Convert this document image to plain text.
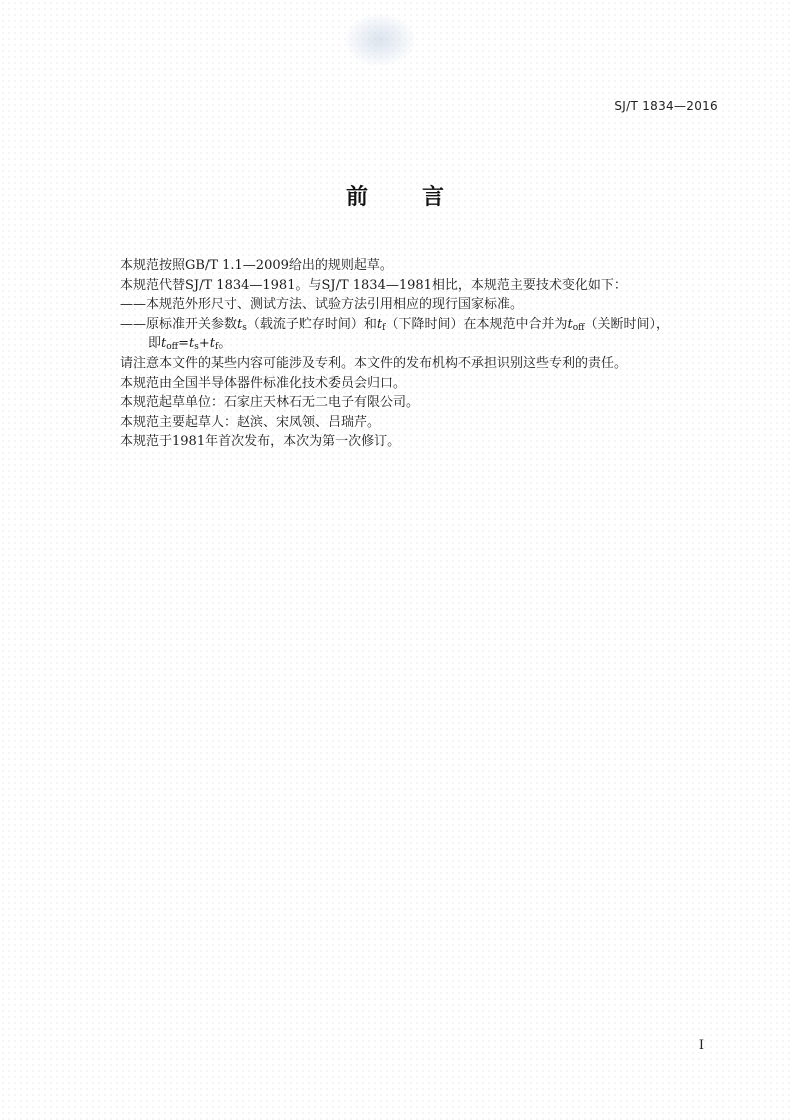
SJ/T 1834—2016
前 言
本规范按照GB/T 1.1—2009给出的规则起草。
本规范代替SJ/T 1834—1981。与SJ/T 1834—1981相比，本规范主要技术变化如下：
——本规范外形尺寸、测试方法、试验方法引用相应的现行国家标准。
——原标准开关参数$t_s$（载流子贮存时间）和$t_f$（下降时间）在本规范中合并为$t_{off}$（关断时间），
即$t_{off}=t_s+t_f$。
请注意本文件的某些内容可能涉及专利。本文件的发布机构不承担识别这些专利的责任。
本规范由全国半导体器件标准化技术委员会归口。
本规范起草单位：石家庄天林石无二电子有限公司。
本规范主要起草人：赵滨、宋凤领、吕瑞芹。
本规范于1981年首次发布，本次为第一次修订。
I
